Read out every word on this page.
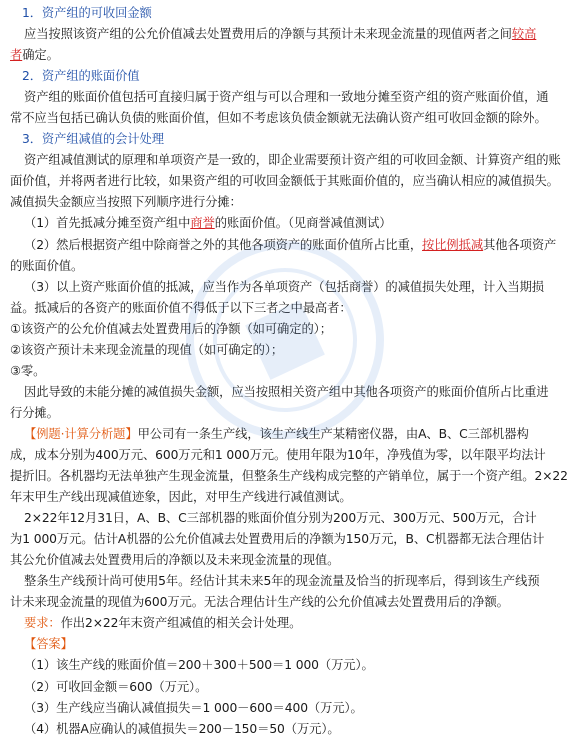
1．资产组的可收回金额
应当按照该资产组的公允价值减去处置费用后的净额与其预计未来现金流量的现值两者之间较高
者确定。
2．资产组的账面价值
资产组的账面价值包括可直接归属于资产组与可以合理和一致地分摊至资产组的资产账面价值，通
常不应当包括已确认负债的账面价值，但如不考虑该负债金额就无法确认资产组可收回金额的除外。
3．资产组减值的会计处理
资产组减值测试的原理和单项资产是一致的，即企业需要预计资产组的可收回金额、计算资产组的账
面价值，并将两者进行比较，如果资产组的可收回金额低于其账面价值的，应当确认相应的减值损失。
减值损失金额应当按照下列顺序进行分摊：
（1）首先抵减分摊至资产组中商誉的账面价值。（见商誉减值测试）
（2）然后根据资产组中除商誉之外的其他各项资产的账面价值所占比重，按比例抵减其他各项资产
的账面价值。
（3）以上资产账面价值的抵减，应当作为各单项资产（包括商誉）的减值损失处理，计入当期损
益。抵减后的各资产的账面价值不得低于以下三者之中最高者：
①该资产的公允价值减去处置费用后的净额（如可确定的）；
②该资产预计未来现金流量的现值（如可确定的）；
③零。
因此导致的未能分摊的减值损失金额，应当按照相关资产组中其他各项资产的账面价值所占比重进
行分摊。
【例题·计算分析题】甲公司有一条生产线，该生产线生产某精密仪器，由A、B、C三部机器构
成，成本分别为400万元、600万元和1 000万元。使用年限为10年，净残值为零，以年限平均法计
提折旧。各机器均无法单独产生现金流量，但整条生产线构成完整的产销单位，属于一个资产组。2×22
年末甲生产线出现减值迹象，因此，对甲生产线进行减值测试。
2×22年12月31日，A、B、C三部机器的账面价值分别为200万元、300万元、500万元，合计
为1 000万元。估计A机器的公允价值减去处置费用后的净额为150万元，B、C机器都无法合理估计
其公允价值减去处置费用后的净额以及未来现金流量的现值。
整条生产线预计尚可使用5年。经估计其未来5年的现金流量及恰当的折现率后，得到该生产线预
计未来现金流量的现值为600万元。无法合理估计生产线的公允价值减去处置费用后的净额。
要求：作出2×22年末资产组减值的相关会计处理。
【答案】
（1）该生产线的账面价值＝200＋300＋500＝1 000（万元）。
（2）可收回金额＝600（万元）。
（3）生产线应当确认减值损失＝1 000－600＝400（万元）。
（4）机器A应确认的减值损失＝200－150＝50（万元）。
